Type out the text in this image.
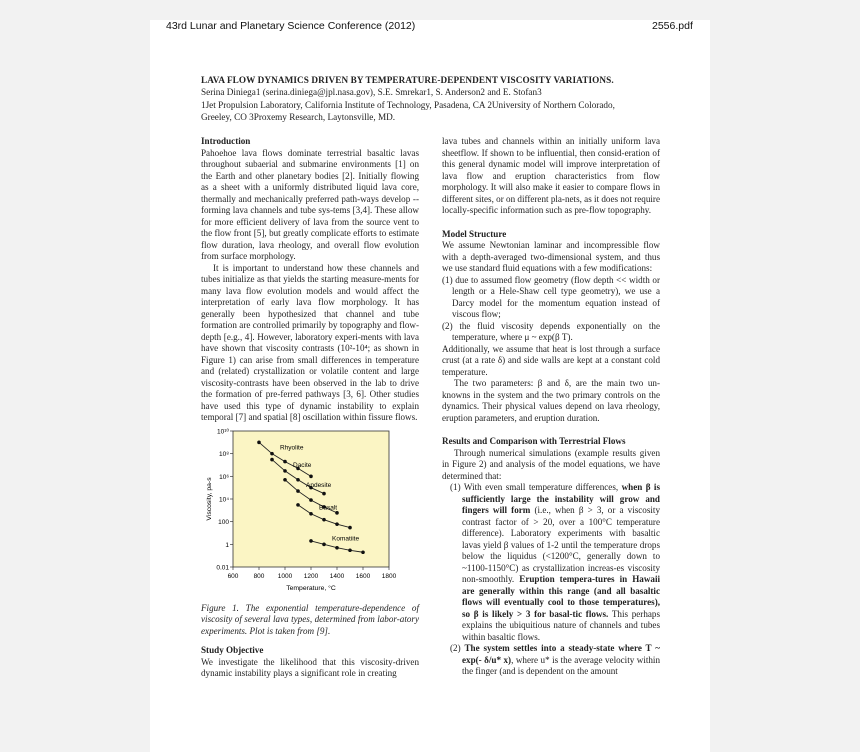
43rd Lunar and Planetary Science Conference (2012)	2556.pdf
LAVA FLOW DYNAMICS DRIVEN BY TEMPERATURE-DEPENDENT VISCOSITY VARIATIONS.
Serina Diniega1 (serina.diniega@jpl.nasa.gov), S.E. Smrekar1, S. Anderson2 and E. Stofan3
1Jet Propulsion Laboratory, California Institute of Technology, Pasadena, CA 2University of Northern Colorado,
Greeley, CO 3Proxemy Research, Laytonsville, MD.

Introduction

Pahoehoe lava flows dominate terrestrial basaltic lavas throughout subaerial and submarine environments [1] on the Earth and other planetary bodies [2]. Initially flowing as a sheet with a uniformly distributed liquid lava core, thermally and mechanically preferred path-ways develop -- forming lava channels and tube sys-tems [3,4]. These allow for more efficient delivery of lava from the source vent to the flow front [5], but greatly complicate efforts to estimate flow duration, lava rheology, and overall flow evolution from surface morphology.

It is important to understand how these channels and tubes initialize as that yields the starting measure-ments for many lava flow evolution models and would affect the interpretation of early lava flow morphology. It has generally been hypothesized that channel and tube formation are controlled primarily by topography and flow-depth [e.g., 4]. However, laboratory experi-ments with lava have shown that viscosity contrasts (10²-10⁴; as shown in Figure 1) can arise from small differences in temperature and (related) crystallization or volatile content and large viscosity-contrasts have been observed in the lab to drive the formation of pre-ferred pathways [3, 6]. Other studies have used this type of dynamic instability to explain temporal [7] and spatial [8] oscillation within fissure flows.

600 800 1000 1200 1400 1600 1800
0.01
1
100
10⁴
10⁶
10⁸
10¹⁰
Temperature, °C
Viscosity, pa-s
Rhyolite
Dacite
Andesite
Basalt
Komatiite

Figure 1. The exponential temperature-dependence of viscosity of several lava types, determined from labor-atory experiments. Plot is taken from [9].

Study Objective

We investigate the likelihood that this viscosity-driven dynamic instability plays a significant role in creating

lava tubes and channels within an initially uniform lava sheetflow. If shown to be influential, then consid-eration of this general dynamic model will improve interpretation of lava flow and eruption characteristics from flow morphology. It will also make it easier to compare flows in different sites, or on different pla-nets, as it does not require locally-specific information such as pre-flow topography.

Model Structure

We assume Newtonian laminar and incompressible flow with a depth-averaged two-dimensional system, and thus we use standard fluid equations with a few modifications:

(1) due to assumed flow geometry (flow depth << width or length or a Hele-Shaw cell type geometry), we use a Darcy model for the momentum equation instead of viscous flow;

(2) the fluid viscosity depends exponentially on the temperature, where μ ~ exp(β T).

Additionally, we assume that heat is lost through a surface crust (at a rate δ) and side walls are kept at a constant cold temperature.

The two parameters: β and δ, are the main two un-knowns in the system and the two primary controls on the dynamics. Their physical values depend on lava rheology, eruption parameters, and eruption duration.

Results and Comparison with Terrestrial Flows

Through numerical simulations (example results given in Figure 2) and analysis of the model equations, we have determined that:

(1) With even small temperature differences, when β is sufficiently large the instability will grow and fingers will form (i.e., when β > 3, or a viscosity contrast factor of > 20, over a 100°C temperature difference). Laboratory experiments with basaltic lavas yield β values of 1-2 until the temperature drops below the liquidus (<1200°C, generally down to ~1100-1150°C) as crystallization increas-es viscosity non-smoothly. Eruption tempera-tures in Hawaii are generally within this range (and all basaltic flows will eventually cool to those temperatures), so β is likely > 3 for basal-tic flows. This perhaps explains the ubiquitious nature of channels and tubes within basaltic flows.

(2) The system settles into a steady-state where T ~ exp(- δ/u* x), where u* is the average velocity within the finger (and is dependent on the amount
